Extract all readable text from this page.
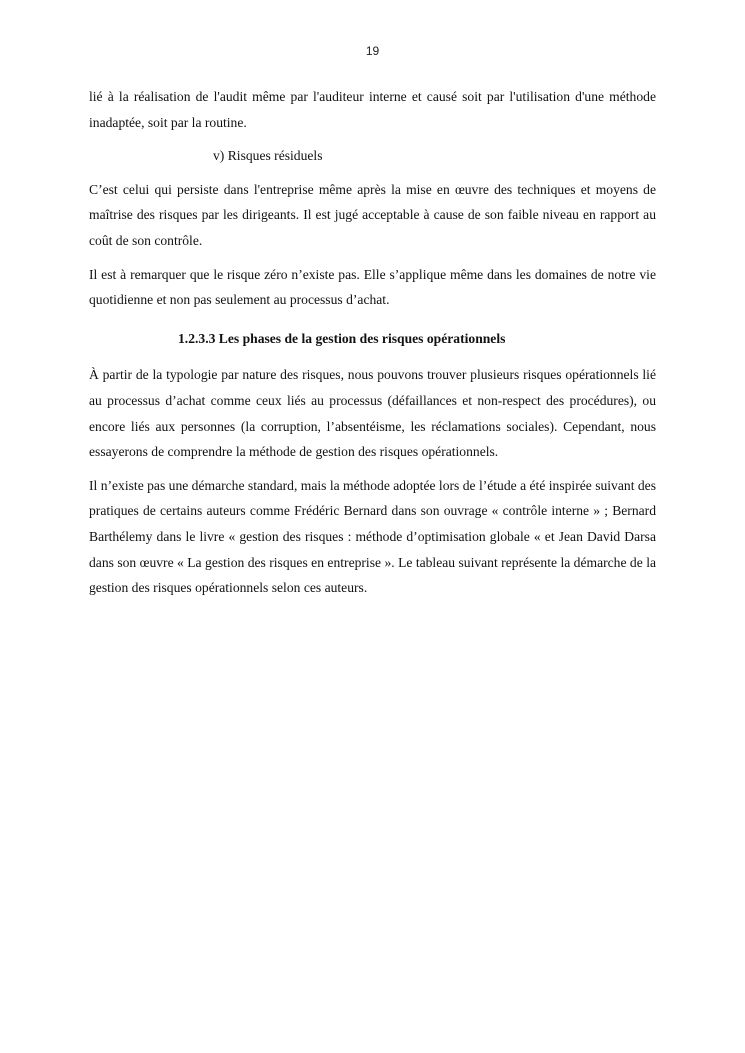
19

lié à la réalisation de l'audit même par l'auditeur interne et causé soit par l'utilisation d'une méthode inadaptée, soit par la routine.

v) Risques résiduels

C’est celui qui persiste dans l'entreprise même après la mise en œuvre des techniques et moyens de maîtrise des risques par les dirigeants. Il est jugé acceptable à cause de son faible niveau en rapport au coût de son contrôle.

Il est à remarquer que le risque zéro n’existe pas. Elle s’applique même dans les domaines de notre vie quotidienne et non pas seulement au processus d’achat.

1.2.3.3 Les phases de la gestion des risques opérationnels

À partir de la typologie par nature des risques, nous pouvons trouver plusieurs risques opérationnels lié au processus d’achat comme ceux liés au processus (défaillances et non-respect des procédures), ou encore liés aux personnes (la corruption, l’absentéisme, les réclamations sociales). Cependant, nous essayerons de comprendre la méthode de gestion des risques opérationnels.

Il n’existe pas une démarche standard, mais la méthode adoptée lors de l’étude a été inspirée suivant des pratiques de certains auteurs comme Frédéric Bernard dans son ouvrage « contrôle interne » ; Bernard Barthélemy dans le livre « gestion des risques : méthode d’optimisation globale « et Jean David Darsa dans son œuvre « La gestion des risques en entreprise ». Le tableau suivant représente la démarche de la gestion des risques opérationnels selon ces auteurs.
